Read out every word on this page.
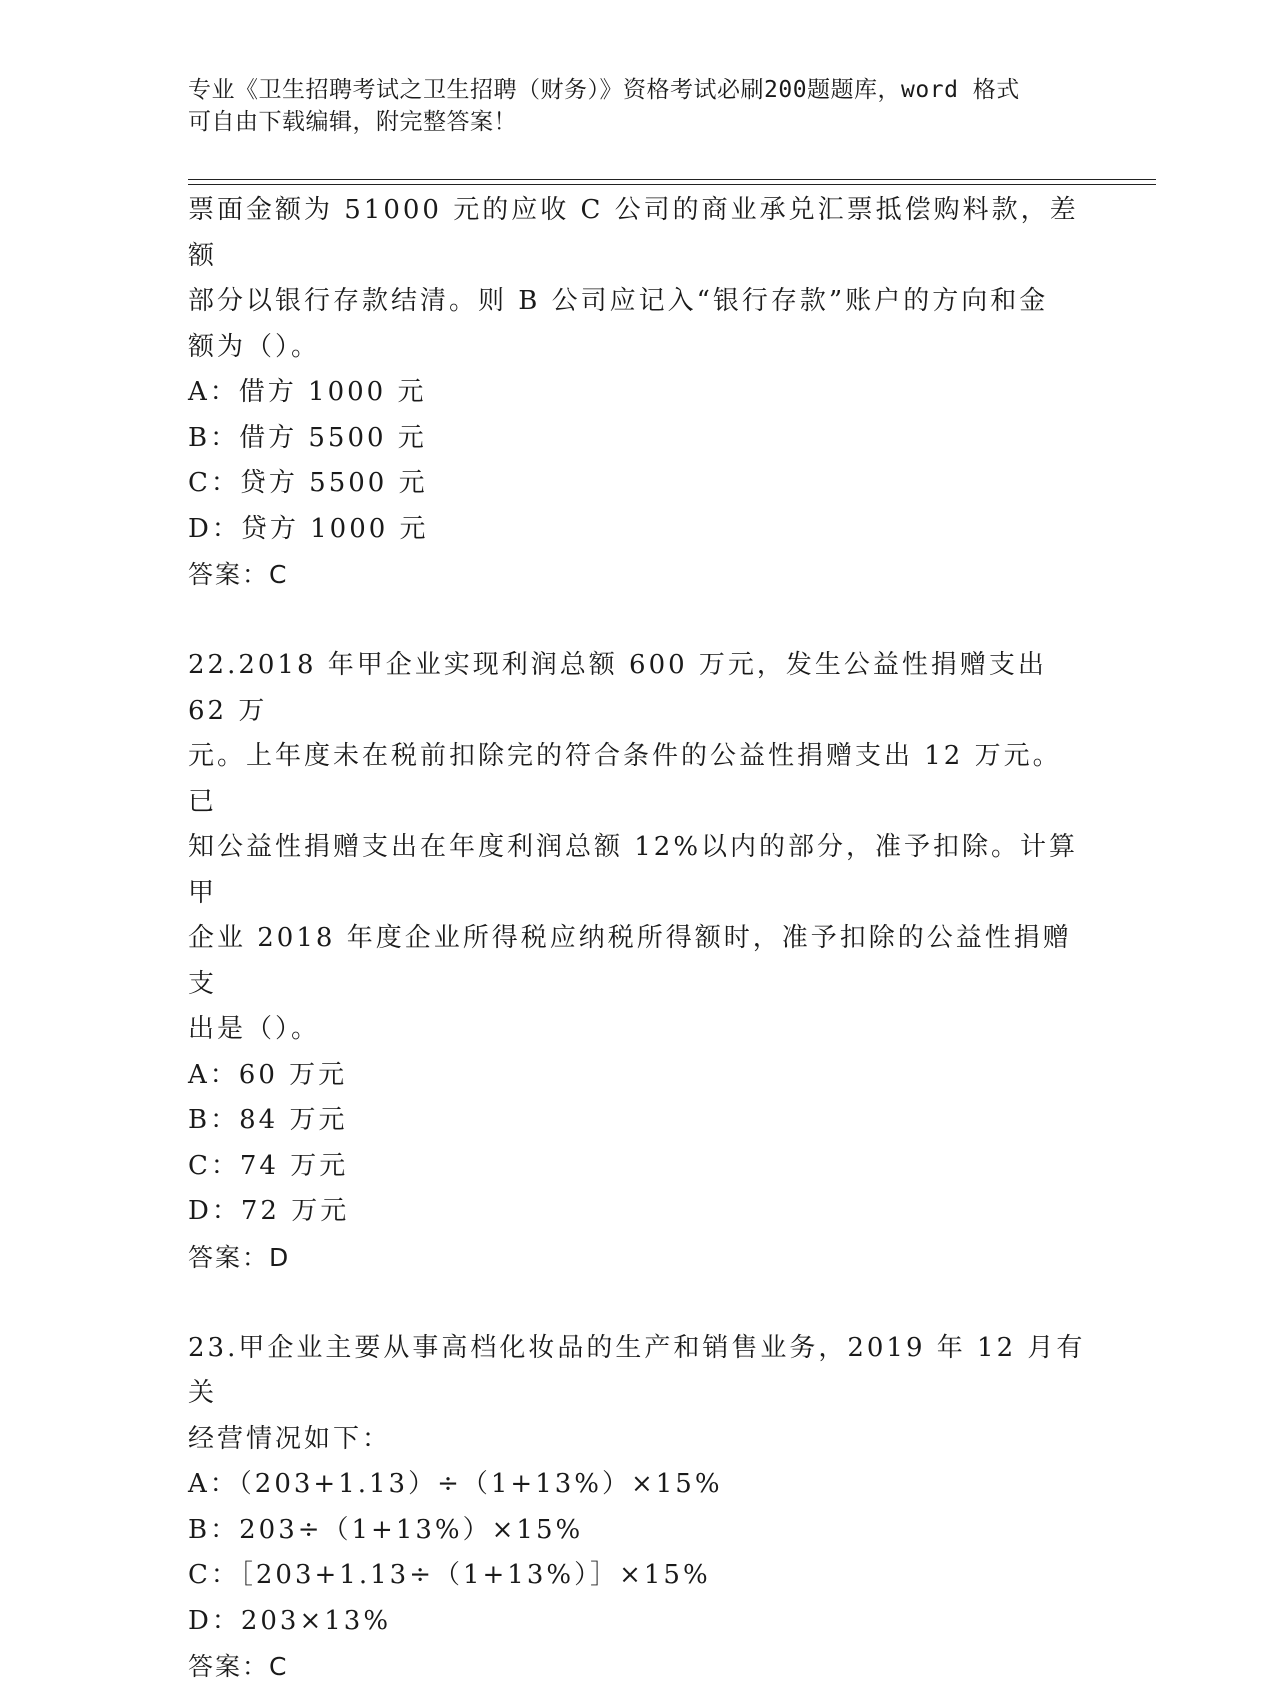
专业《卫生招聘考试之卫生招聘（财务）》资格考试必刷200题题库，word 格式
可自由下载编辑，附完整答案！

票面金额为 51000 元的应收 C 公司的商业承兑汇票抵偿购料款，差额

部分以银行存款结清。则 B 公司应记入“银行存款”账户的方向和金

额为（）。

A：借方 1000 元

B：借方 5500 元

C：贷方 5500 元

D：贷方 1000 元

答案：C

22.2018 年甲企业实现利润总额 600 万元，发生公益性捐赠支出 62 万

元。上年度未在税前扣除完的符合条件的公益性捐赠支出 12 万元。已

知公益性捐赠支出在年度利润总额 12%以内的部分，准予扣除。计算甲

企业 2018 年度企业所得税应纳税所得额时，准予扣除的公益性捐赠支

出是（）。

A：60 万元

B：84 万元

C：74 万元

D：72 万元

答案：D

23.甲企业主要从事高档化妆品的生产和销售业务，2019 年 12 月有关

经营情况如下：

A：（203+1.13）÷（1+13%）×15%

B：203÷（1+13%）×15%

C：［203+1.13÷（1+13%）］×15%

D：203×13%

答案：C
